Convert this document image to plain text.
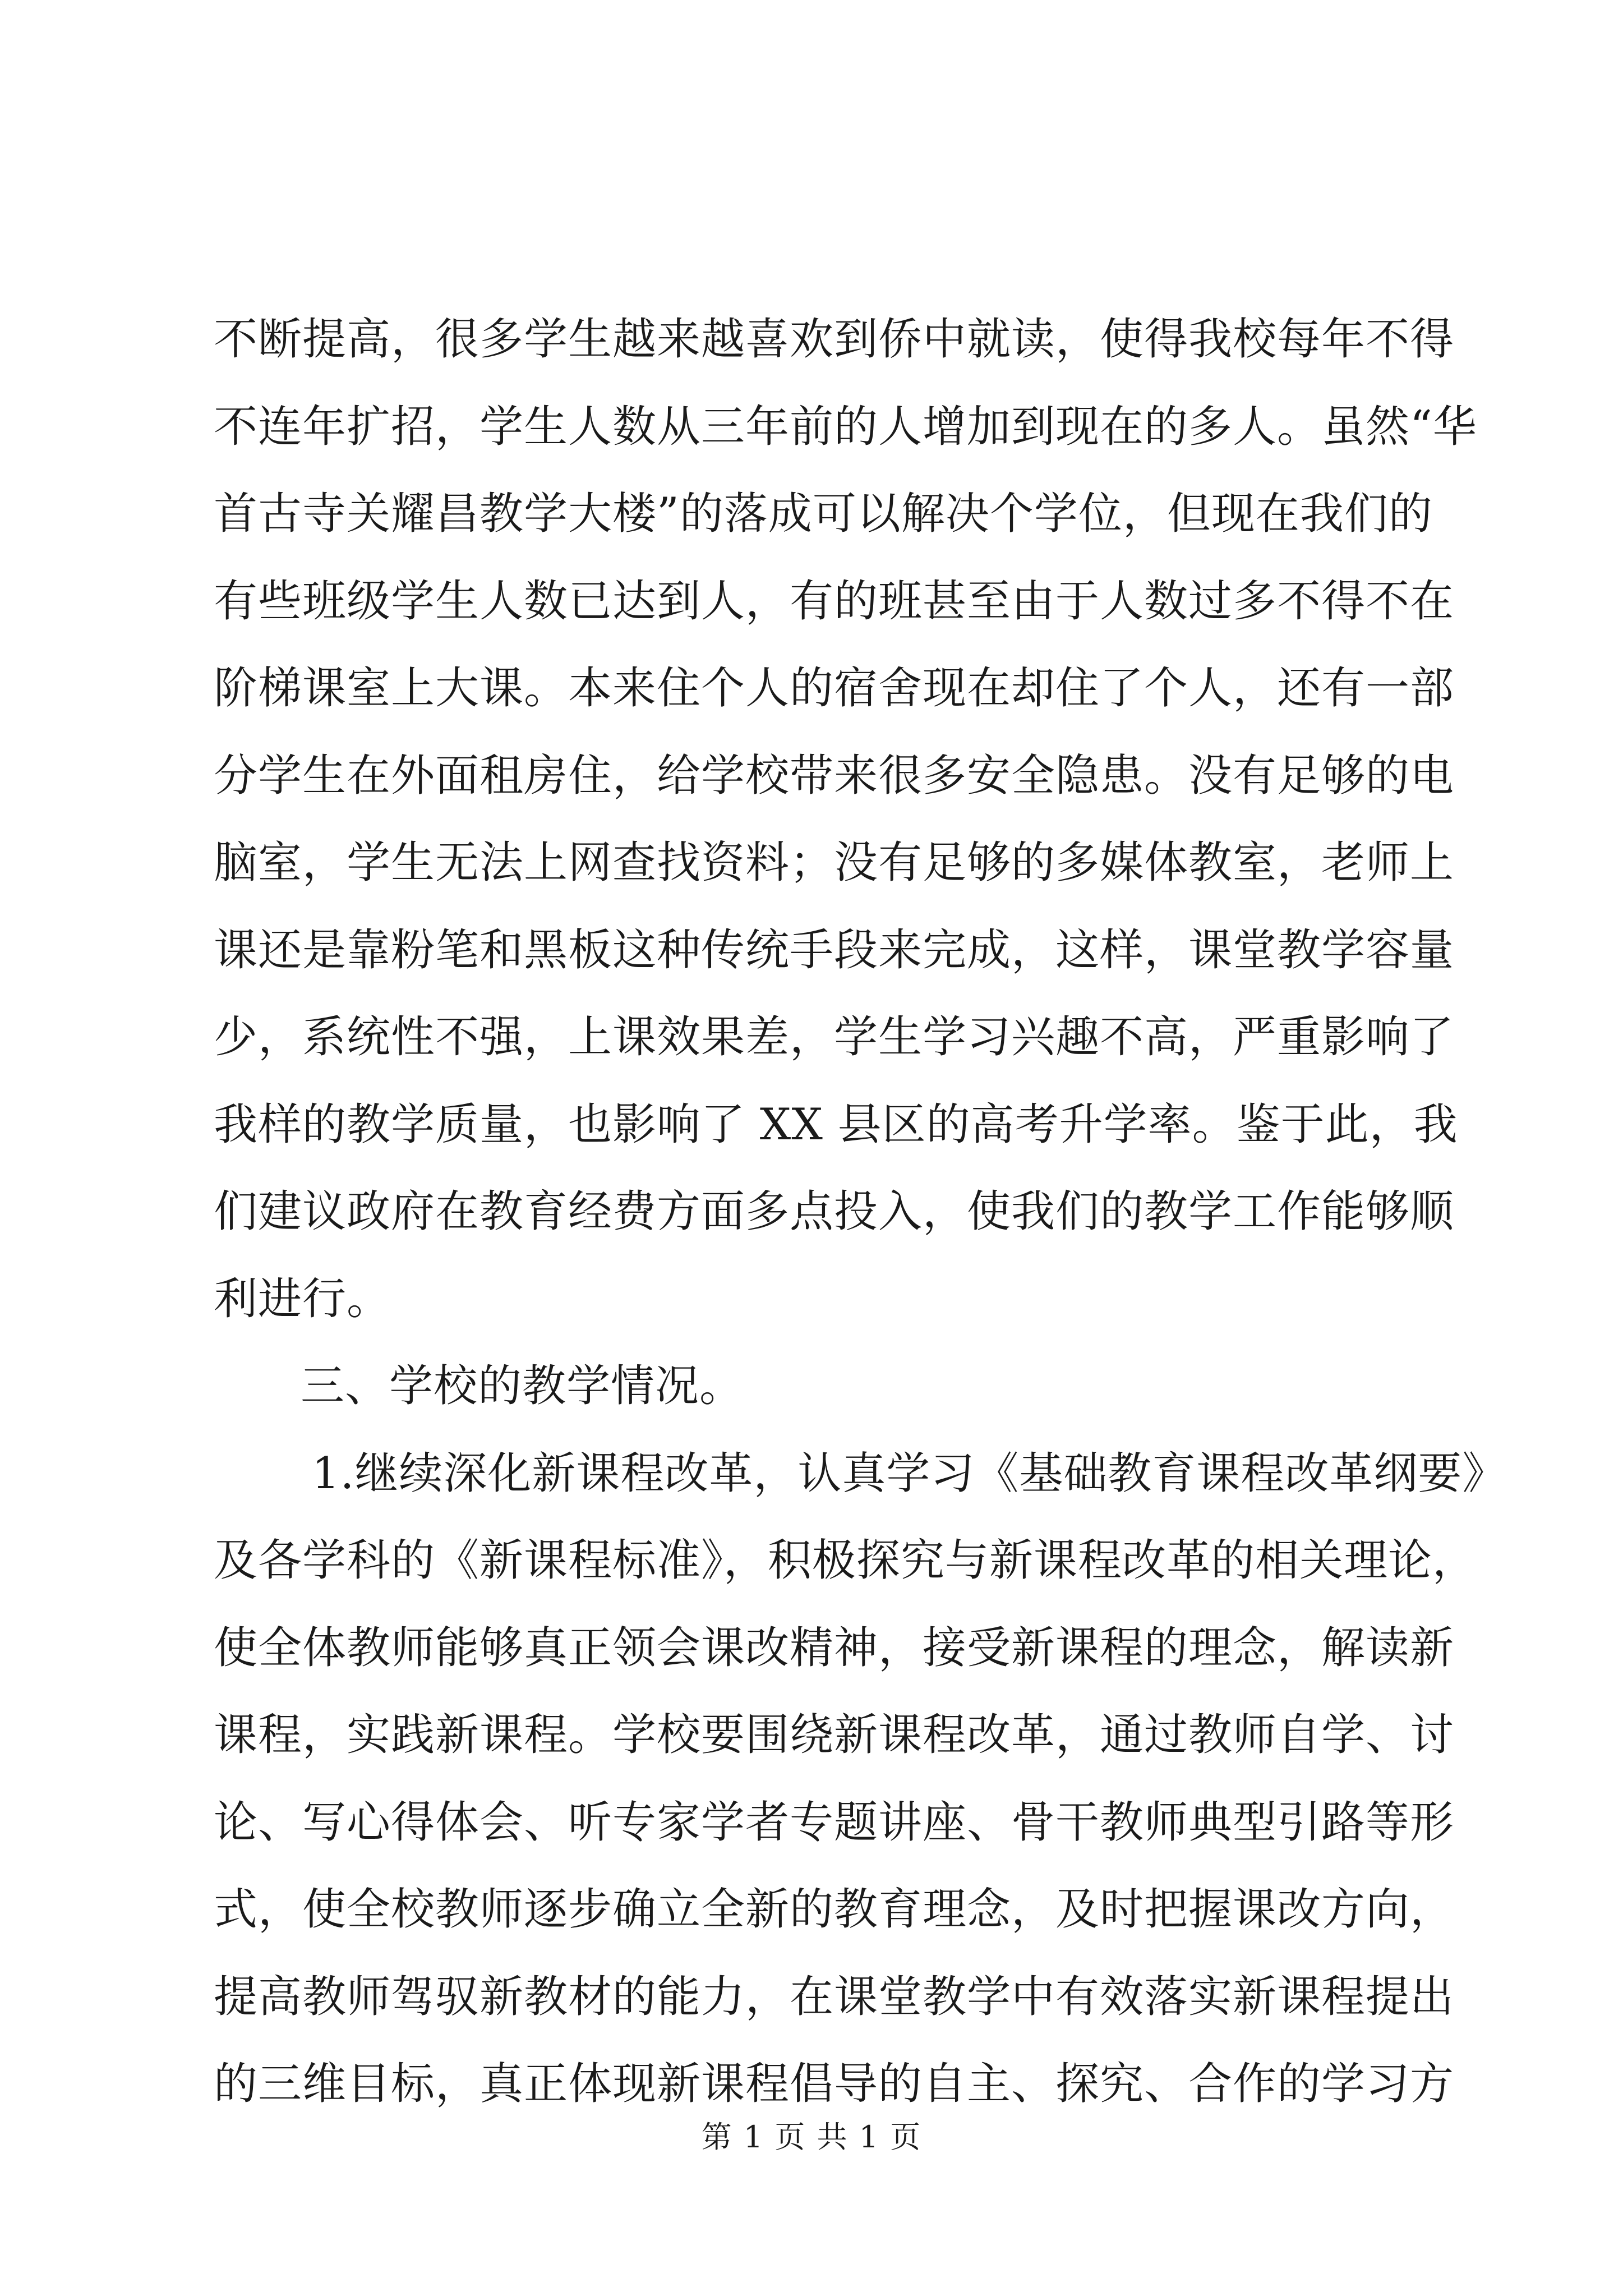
不断提高，很多学生越来越喜欢到侨中就读，使得我校每年不得
不连年扩招，学生人数从三年前的人增加到现在的多人。虽然“华
首古寺关耀昌教学大楼”的落成可以解决个学位，但现在我们的
有些班级学生人数已达到人，有的班甚至由于人数过多不得不在
阶梯课室上大课。本来住个人的宿舍现在却住了个人，还有一部
分学生在外面租房住，给学校带来很多安全隐患。没有足够的电
脑室，学生无法上网查找资料；没有足够的多媒体教室，老师上
课还是靠粉笔和黑板这种传统手段来完成，这样，课堂教学容量
少，系统性不强，上课效果差，学生学习兴趣不高，严重影响了
我样的教学质量，也影响了 XX 县区的高考升学率。鉴于此，我
们建议政府在教育经费方面多点投入，使我们的教学工作能够顺
利进行。
三、学校的教学情况。
1.继续深化新课程改革，认真学习《基础教育课程改革纲要》
及各学科的《新课程标准》，积极探究与新课程改革的相关理论，
使全体教师能够真正领会课改精神，接受新课程的理念，解读新
课程，实践新课程。学校要围绕新课程改革，通过教师自学、讨
论、写心得体会、听专家学者专题讲座、骨干教师典型引路等形
式，使全校教师逐步确立全新的教育理念，及时把握课改方向，
提高教师驾驭新教材的能力，在课堂教学中有效落实新课程提出
的三维目标，真正体现新课程倡导的自主、探究、合作的学习方
第 1 页 共 1 页
